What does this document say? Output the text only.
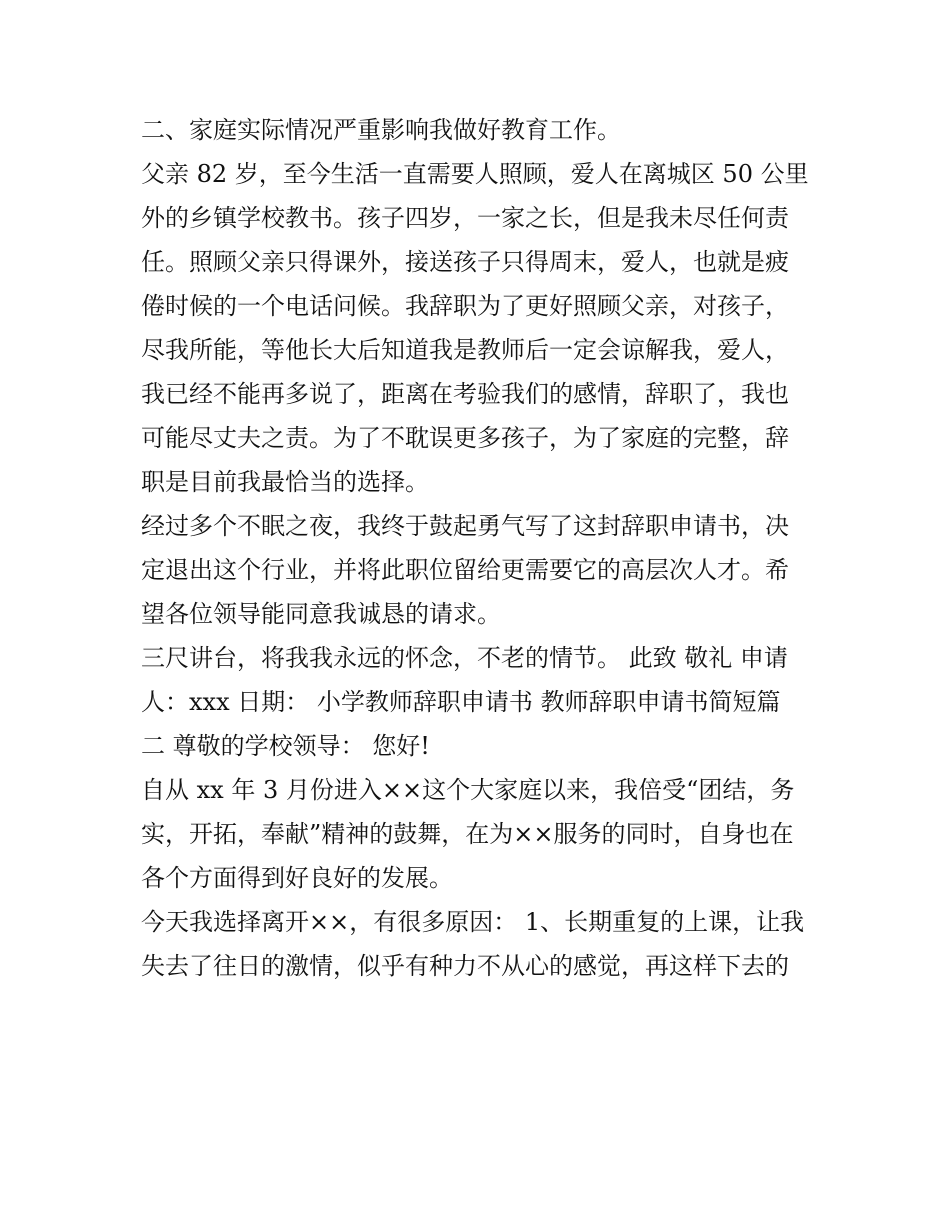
二、家庭实际情况严重影响我做好教育工作。

父亲 82 岁，至今生活一直需要人照顾，爱人在离城区 50 公里

外的乡镇学校教书。孩子四岁，一家之长，但是我未尽任何责

任。照顾父亲只得课外，接送孩子只得周末，爱人，也就是疲

倦时候的一个电话问候。我辞职为了更好照顾父亲，对孩子，

尽我所能，等他长大后知道我是教师后一定会谅解我，爱人，

我已经不能再多说了，距离在考验我们的感情，辞职了，我也

可能尽丈夫之责。为了不耽误更多孩子，为了家庭的完整，辞

职是目前我最恰当的选择。

经过多个不眠之夜，我终于鼓起勇气写了这封辞职申请书，决

定退出这个行业，并将此职位留给更需要它的高层次人才。希

望各位领导能同意我诚恳的请求。

三尺讲台，将我我永远的怀念，不老的情节。 此致 敬礼 申请

人：xxx 日期： 小学教师辞职申请书 教师辞职申请书简短篇

二 尊敬的学校领导： 您好!

自从 xx 年 3 月份进入××这个大家庭以来，我倍受“团结，务

实，开拓，奉献”精神的鼓舞，在为××服务的同时，自身也在

各个方面得到好良好的发展。

今天我选择离开××，有很多原因： 1、长期重复的上课，让我

失去了往日的激情，似乎有种力不从心的感觉，再这样下去的
